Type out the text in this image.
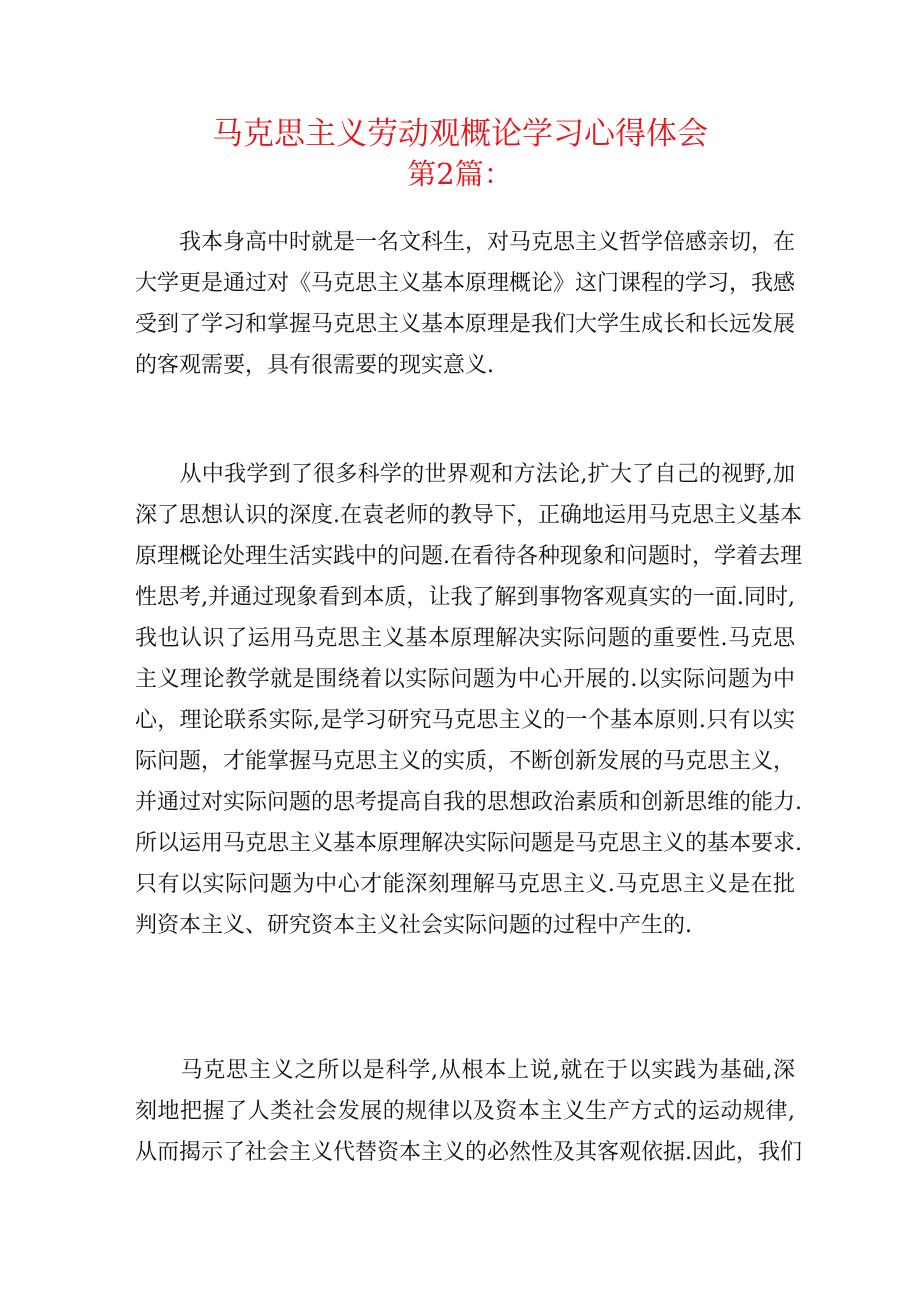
马克思主义劳动观概论学习心得体会
第2篇：
　　我本身高中时就是一名文科生，对马克思主义哲学倍感亲切，在
大学更是通过对《马克思主义基本原理概论》这门课程的学习，我感
受到了学习和掌握马克思主义基本原理是我们大学生成长和长远发展
的客观需要，具有很需要的现实意义.
　　从中我学到了很多科学的世界观和方法论,扩大了自己的视野,加
深了思想认识的深度.在袁老师的教导下，正确地运用马克思主义基本
原理概论处理生活实践中的问题.在看待各种现象和问题时，学着去理
性思考,并通过现象看到本质，让我了解到事物客观真实的一面.同时,
我也认识了运用马克思主义基本原理解决实际问题的重要性.马克思
主义理论教学就是围绕着以实际问题为中心开展的.以实际问题为中
心，理论联系实际,是学习研究马克思主义的一个基本原则.只有以实
际问题，才能掌握马克思主义的实质，不断创新发展的马克思主义，
并通过对实际问题的思考提高自我的思想政治素质和创新思维的能力.
所以运用马克思主义基本原理解决实际问题是马克思主义的基本要求.
只有以实际问题为中心才能深刻理解马克思主义.马克思主义是在批
判资本主义、研究资本主义社会实际问题的过程中产生的.
　　马克思主义之所以是科学,从根本上说,就在于以实践为基础,深
刻地把握了人类社会发展的规律以及资本主义生产方式的运动规律,
从而揭示了社会主义代替资本主义的必然性及其客观依据.因此，我们
